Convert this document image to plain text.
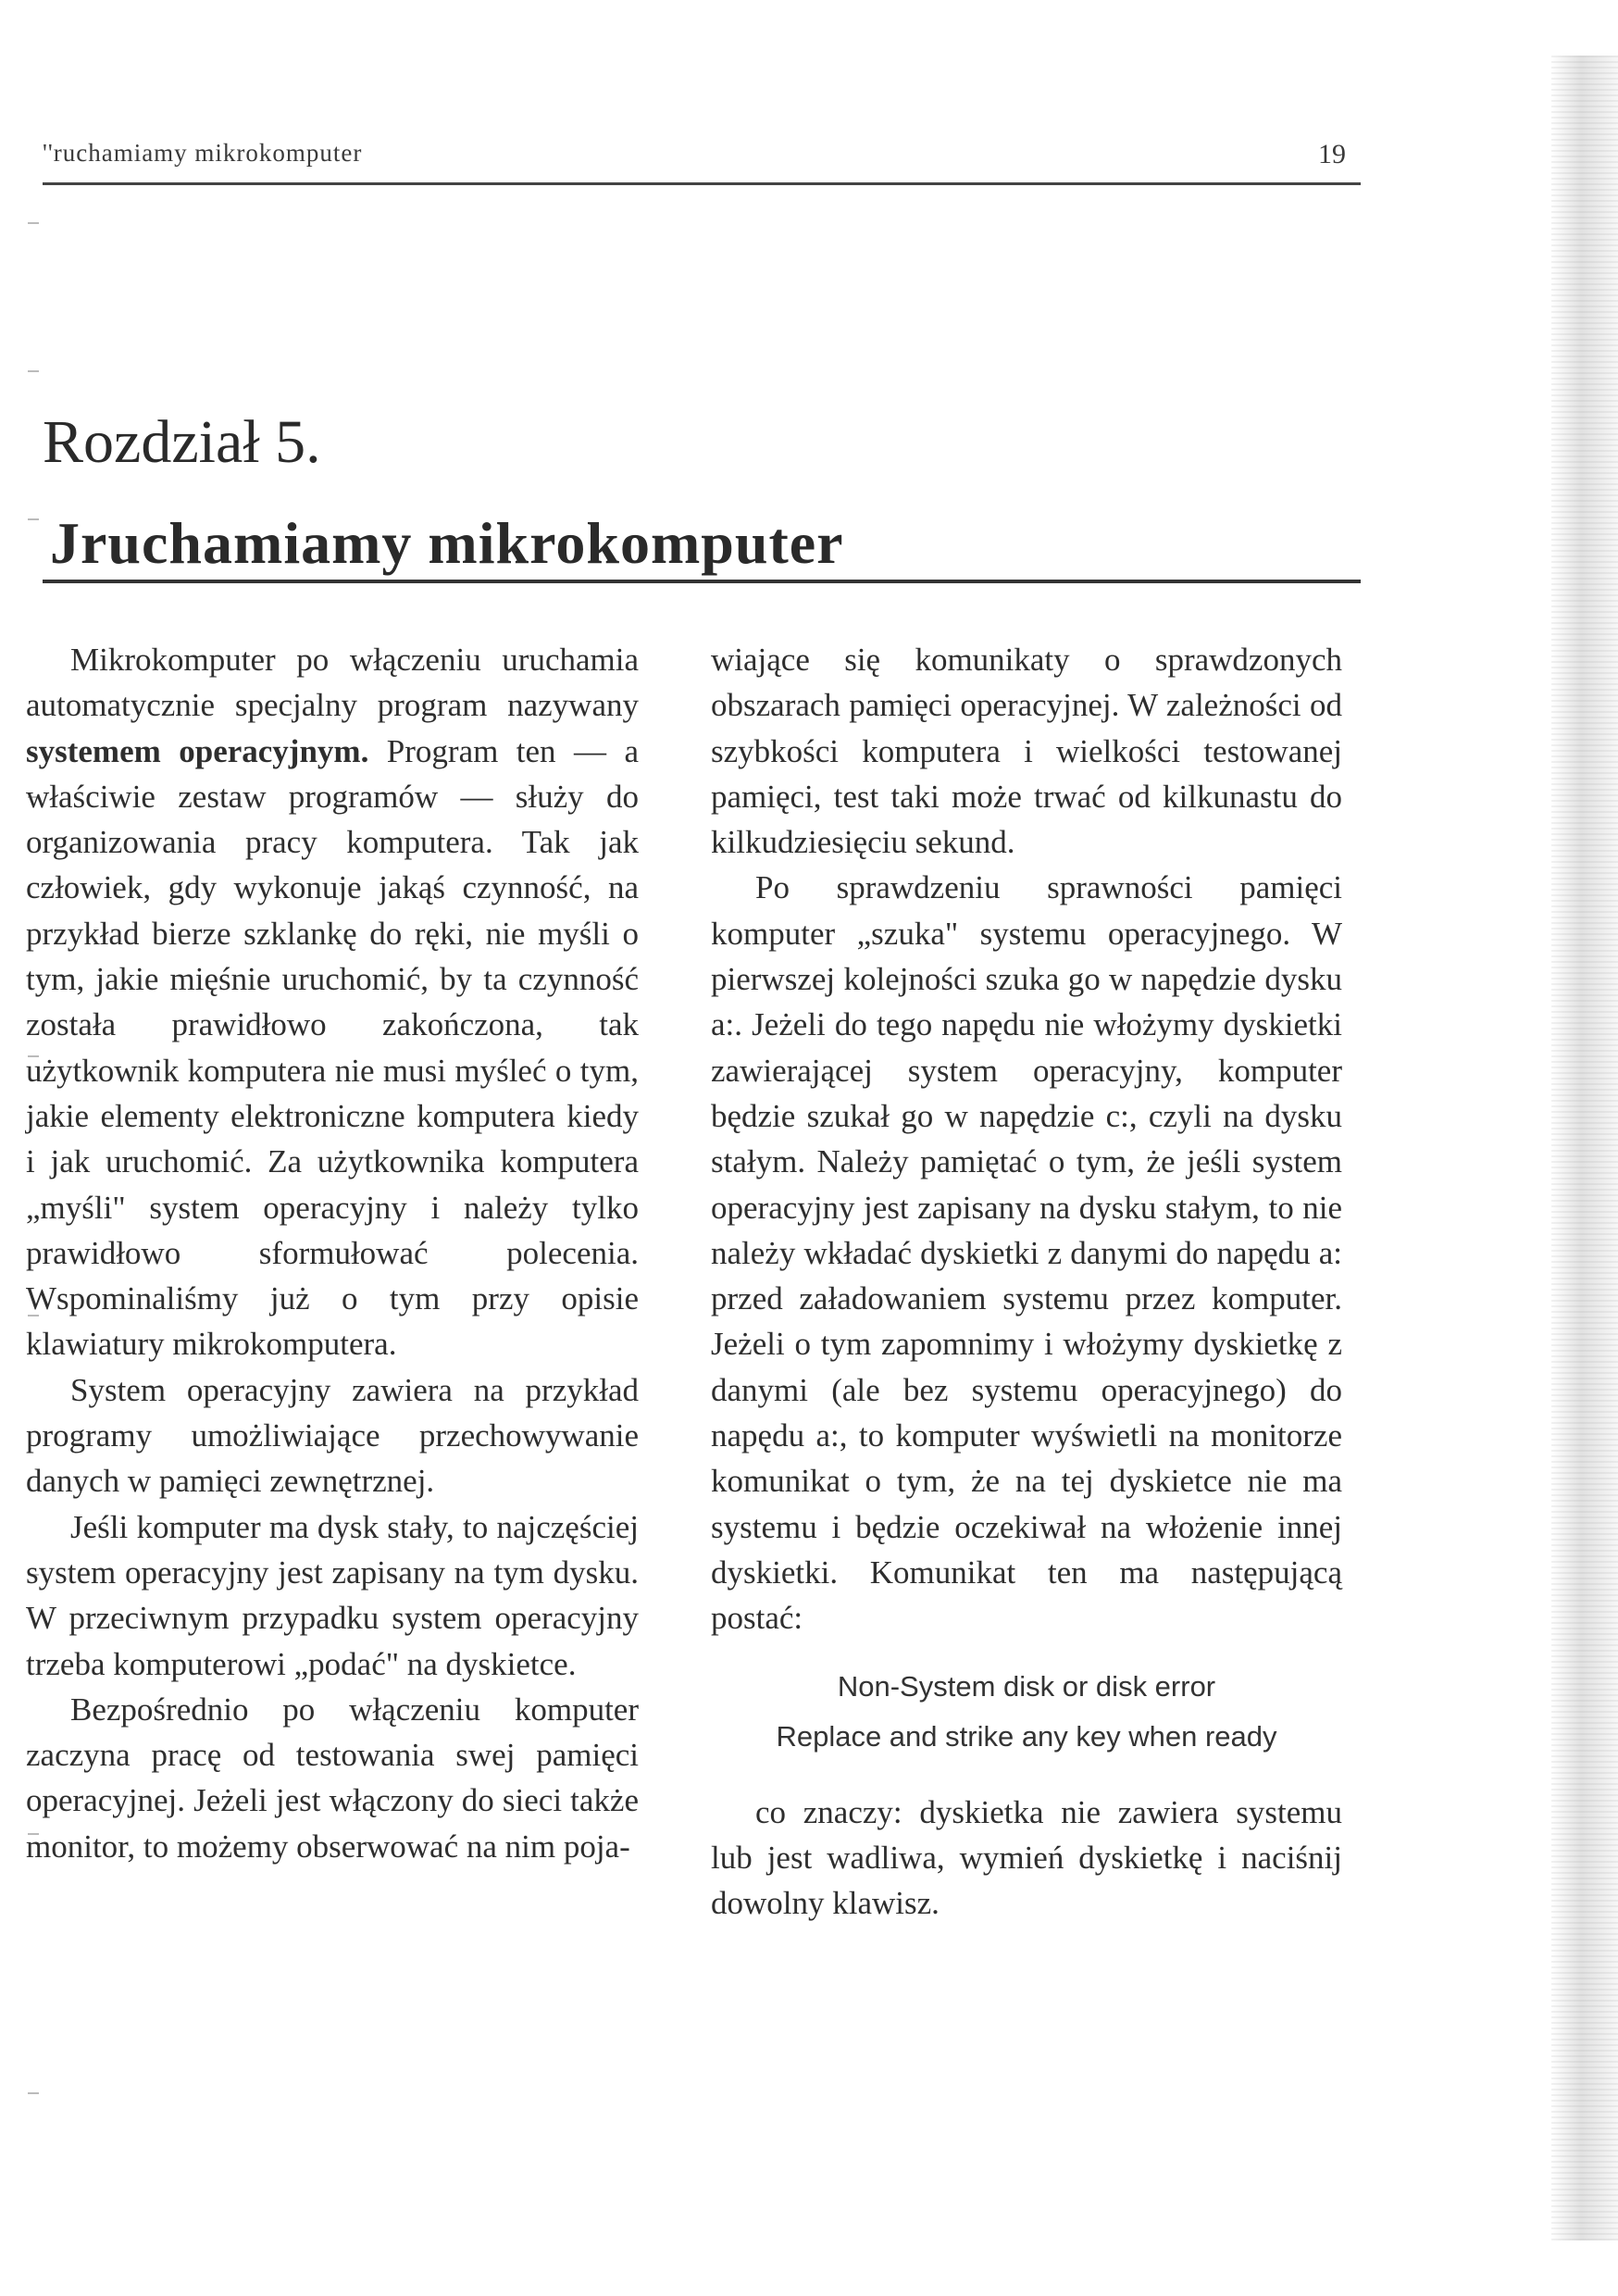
''ruchamiamy mikrokomputer	19
Rozdział 5.
Jruchamiamy mikrokomputer

Mikrokomputer po włączeniu uruchamia automatycznie specjalny program nazywany systemem operacyjnym. Program ten — a właściwie zestaw programów — służy do organizowania pracy komputera. Tak jak człowiek, gdy wykonuje jakąś czynność, na przykład bierze szklankę do ręki, nie myśli o tym, jakie mięśnie uruchomić, by ta czynność została prawidłowo zakończona, tak użytkownik komputera nie musi myśleć o tym, jakie elementy elektroniczne komputera kiedy i jak uruchomić. Za użytkownika komputera „myśli" system operacyjny i należy tylko prawidłowo sformułować polecenia. Wspominaliśmy już o tym przy opisie klawiatury mikrokomputera.

System operacyjny zawiera na przykład programy umożliwiające przechowywanie danych w pamięci zewnętrznej.

Jeśli komputer ma dysk stały, to najczęściej system operacyjny jest zapisany na tym dysku. W przeciwnym przypadku system operacyjny trzeba komputerowi „podać" na dyskietce.

Bezpośrednio po włączeniu komputer zaczyna pracę od testowania swej pamięci operacyjnej. Jeżeli jest włączony do sieci także monitor, to możemy obserwować na nim poja-

wiające się komunikaty o sprawdzonych obszarach pamięci operacyjnej. W zależności od szybkości komputera i wielkości testowanej pamięci, test taki może trwać od kilkunastu do kilkudziesięciu sekund.

Po sprawdzeniu sprawności pamięci komputer „szuka" systemu operacyjnego. W pierwszej kolejności szuka go w napędzie dysku a:. Jeżeli do tego napędu nie włożymy dyskietki zawierającej system operacyjny, komputer będzie szukał go w napędzie c:, czyli na dysku stałym. Należy pamiętać o tym, że jeśli system operacyjny jest zapisany na dysku stałym, to nie należy wkładać dyskietki z danymi do napędu a: przed załadowaniem systemu przez komputer. Jeżeli o tym zapomnimy i włożymy dyskietkę z danymi (ale bez systemu operacyjnego) do napędu a:, to komputer wyświetli na monitorze komunikat o tym, że na tej dyskietce nie ma systemu i będzie oczekiwał na włożenie innej dyskietki. Komunikat ten ma następującą postać:

Non-System disk or disk error
Replace and strike any key when ready

co znaczy: dyskietka nie zawiera systemu lub jest wadliwa, wymień dyskietkę i naciśnij dowolny klawisz.
